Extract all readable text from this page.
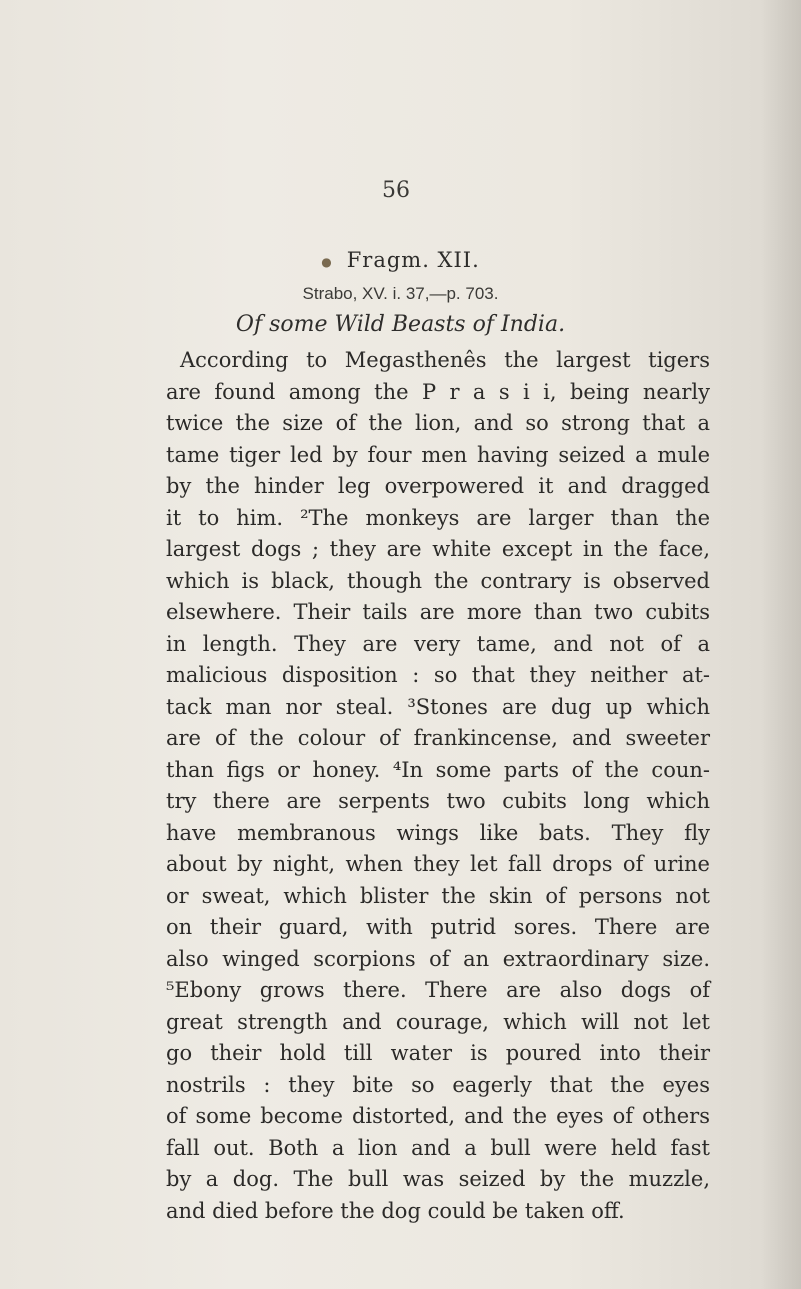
56
● Fragm. XII.
Strabo, XV. i. 37,—p. 703.
Of some Wild Beasts of India.
According to Megasthenês the largest tigers
are found among the P r a s i i, being nearly
twice the size of the lion, and so strong that a
tame tiger led by four men having seized a mule
by the hinder leg overpowered it and dragged
it to him. ²The monkeys are larger than the
largest dogs ; they are white except in the face,
which is black, though the contrary is observed
elsewhere. Their tails are more than two cubits
in length. They are very tame, and not of a
malicious disposition : so that they neither at-
tack man nor steal. ³Stones are dug up which
are of the colour of frankincense, and sweeter
than figs or honey. ⁴In some parts of the coun-
try there are serpents two cubits long which
have membranous wings like bats. They fly
about by night, when they let fall drops of urine
or sweat, which blister the skin of persons not
on their guard, with putrid sores. There are
also winged scorpions of an extraordinary size.
⁵Ebony grows there. There are also dogs of
great strength and courage, which will not let
go their hold till water is poured into their
nostrils : they bite so eagerly that the eyes
of some become distorted, and the eyes of others
fall out. Both a lion and a bull were held fast
by a dog. The bull was seized by the muzzle,
and died before the dog could be taken off.
